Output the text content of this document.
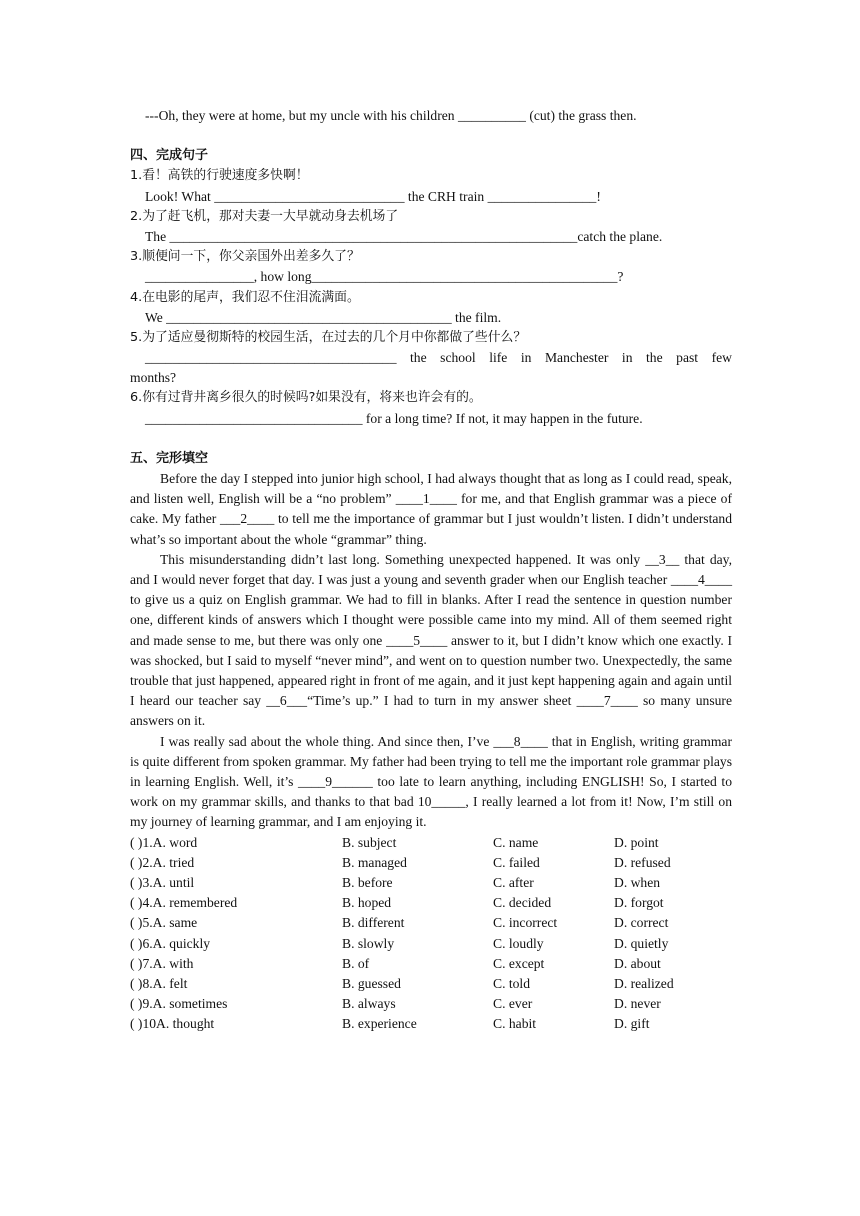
---Oh, they were at home, but my uncle with his children __________ (cut) the grass then.
四、完成句子
1.看！高铁的行驶速度多快啊！
Look! What ____________________________ the CRH train ________________!
2.为了赶飞机，那对夫妻一大早就动身去机场了
The ____________________________________________________________catch the plane.
3.顺便问一下，你父亲国外出差多久了？
________________, how long_____________________________________________?
4.在电影的尾声，我们忍不住泪流满面。
We __________________________________________ the film.
5.为了适应曼彻斯特的校园生活，在过去的几个月中你都做了些什么？
_____________________________________ the school life in Manchester in the past few
months?
6.你有过背井离乡很久的时候吗?如果没有，将来也许会有的。
________________________________ for a long time? If not, it may happen in the future.
五、完形填空

Before the day I stepped into junior high school, I had always thought that as long as I could read, speak, and listen well, English will be a “no problem” ____1____ for me, and that English grammar was a piece of cake. My father ___2____ to tell me the importance of grammar but I just wouldn’t listen. I didn’t understand what’s so important about the whole “grammar” thing.

This misunderstanding didn’t last long. Something unexpected happened. It was only __3__ that day, and I would never forget that day. I was just a young and seventh grader when our English teacher ____4____ to give us a quiz on English grammar. We had to fill in blanks. After I read the sentence in question number one, different kinds of answers which I thought were possible came into my mind. All of them seemed right and made sense to me, but there was only one ____5____ answer to it, but I didn’t know which one exactly. I was shocked, but I said to myself “never mind”, and went on to question number two. Unexpectedly, the same trouble that just happened, appeared right in front of me again, and it just kept happening again and again until I heard our teacher say __6___“Time’s up.” I had to turn in my answer sheet ____7____ so many unsure answers on it.

I was really sad about the whole thing. And since then, I’ve ___8____ that in English, writing grammar is quite different from spoken grammar. My father had been trying to tell me the important role grammar plays in learning English. Well, it’s ____9______ too late to learn anything, including ENGLISH! So, I started to work on my grammar skills, and thanks to that bad 10_____, I really learned a lot from it! Now, I’m still on my journey of learning grammar, and I am enjoying it.

( )1.A. word	B. subject	C. name	D. point
( )2.A. tried	B. managed	C. failed	D. refused
( )3.A. until	B. before	C. after	D. when
( )4.A. remembered	B. hoped	C. decided	D. forgot
( )5.A. same	B. different	C. incorrect	D. correct
( )6.A. quickly	B. slowly	C. loudly	D. quietly
( )7.A. with	B. of	C. except	D. about
( )8.A. felt	B. guessed	C. told	D. realized
( )9.A. sometimes	B. always	C. ever	D. never
( )10A. thought	B. experience	C. habit	D. gift
